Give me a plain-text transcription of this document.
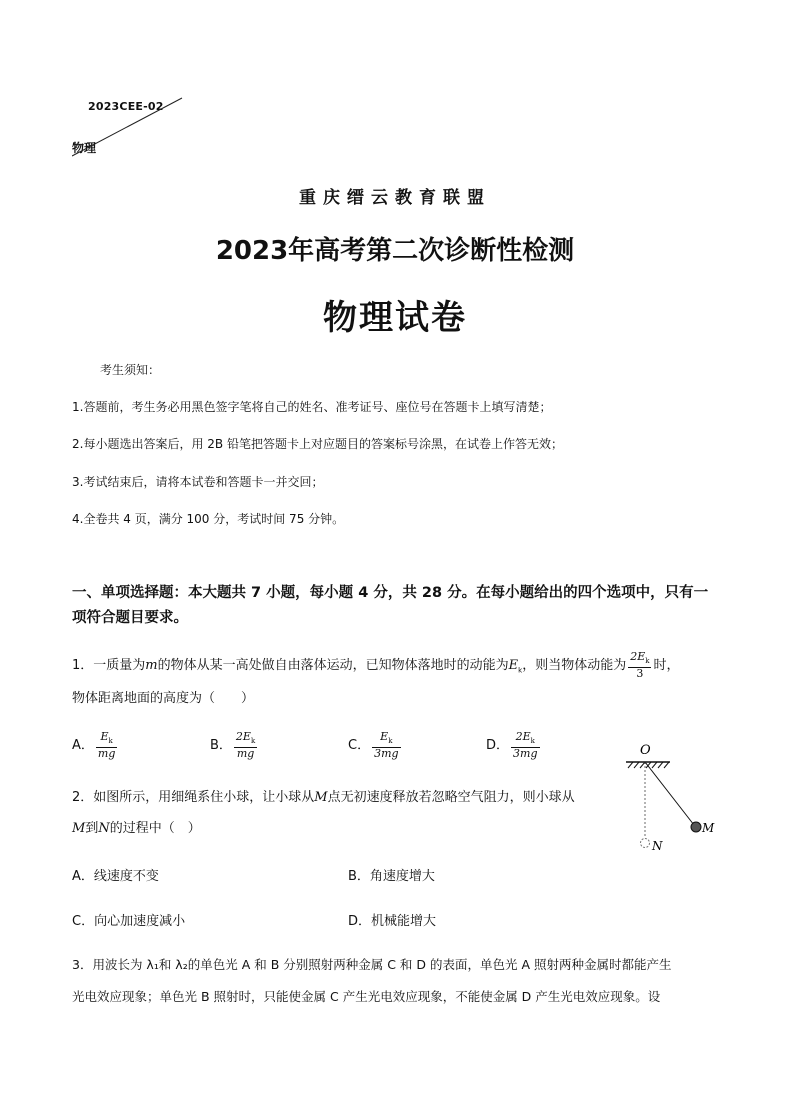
2023CEE-02
物理
重庆缙云教育联盟
2023年高考第二次诊断性检测
物理试卷
考生须知：
1.答题前，考生务必用黑色签字笔将自己的姓名、准考证号、座位号在答题卡上填写清楚；
2.每小题选出答案后，用 2B 铅笔把答题卡上对应题目的答案标号涂黑，在试卷上作答无效；
3.考试结束后，请将本试卷和答题卡一并交回；
4.全卷共 4 页，满分 100 分，考试时间 75 分钟。
一、单项选择题：本大题共 7 小题，每小题 4 分，共 28 分。在每小题给出的四个选项中，只有一项符合题目要求。
1．一质量为m的物体从某一高处做自由落体运动，已知物体落地时的动能为$E_k$，则当物体动能为 $\frac{2E_k}{3}$ 时，
物体距离地面的高度为（　　）
A． $\frac{E_k}{mg}$	B． $\frac{2E_k}{mg}$	C． $\frac{E_k}{3mg}$	D． $\frac{2E_k}{3mg}$
2．如图所示，用细绳系住小球，让小球从M点无初速度释放若忽略空气阻力，则小球从
M到N的过程中（　）
O
M
N
A．线速度不变	B．角速度增大
C．向心加速度减小	D．机械能增大
3．用波长为 λ₁和 λ₂的单色光 A 和 B 分别照射两种金属 C 和 D 的表面，单色光 A 照射两种金属时都能产生
光电效应现象；单色光 B 照射时，只能使金属 C 产生光电效应现象，不能使金属 D 产生光电效应现象。设
